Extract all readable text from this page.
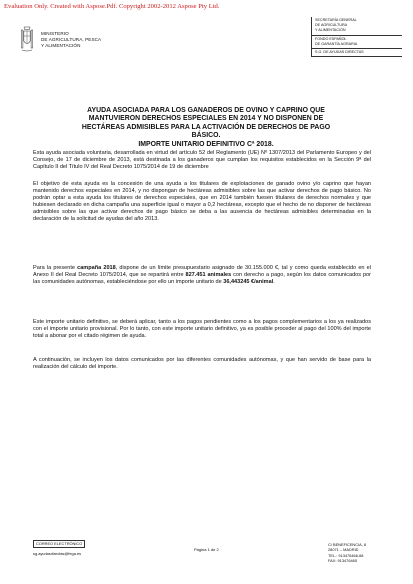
Evaluation Only. Created with Aspose.Pdf. Copyright 2002-2012 Aspose Pty Ltd.
MINISTERIO
DE AGRICULTURA, PESCA
Y ALIMENTACIÓN
SECRETARÍA GENERAL
DE AGRICULTURA
Y ALIMENTACIÓN
FONDO ESPAÑOL
DE GARANTÍA AGRARIA
S.G. DE AYUDAS DIRECTAS
AYUDA ASOCIADA PARA LOS GANADEROS DE OVINO Y CAPRINO QUE
MANTUVIERON DERECHOS ESPECIALES EN 2014 Y NO DISPONEN DE
HECTÁREAS ADMISIBLES PARA LA ACTIVACIÓN DE DERECHOS DE PAGO
BÁSICO.
IMPORTE UNITARIO DEFINITIVO Cª 2018.
Esta ayuda asociada voluntaria, desarrollada en virtud del artículo 52 del Reglamento (UE) Nº 1307/2013 del Parlamento Europeo y del Consejo, de 17 de diciembre de 2013, está destinada a los ganaderos que cumplan los requisitos establecidos en la Sección 9ª del Capítulo II del Título IV del Real Decreto 1075/2014 de 19 de diciembre
El objetivo de esta ayuda es la concesión de una ayuda a los titulares de explotaciones de ganado ovino y/o caprino que hayan mantenido derechos especiales en 2014, y no dispongan de hectáreas admisibles sobre las que activar derechos de pago básico. No podrán optar a esta ayuda los titulares de derechos especiales, que en 2014 también fuesen titulares de derechos normales y que hubiesen declarado en dicha campaña una superficie igual o mayor a 0,2 hectáreas, excepto que el hecho de no disponer de hectáreas admisibles sobre las que activar derechos de pago básico se deba a las ausencia de hectáreas admisibles determinadas en la declaración de la solicitud de ayudas del año 2013.
Para la presente campaña 2018, dispone de un límite presupuestario asignado de 30.155.000 €, tal y como queda establecido en el Anexo II del Real Decreto 1075/2014, que se repartirá entre 827.451 animales con derecho a pago, según los datos comunicados por las comunidades autónomas, estableciéndose por ello un importe unitario de 36,443245 €/animal.
Este importe unitario definitivo, se deberá aplicar, tanto a los pagos pendientes como a los pagos complementarios a los ya realizados con el importe unitario provisional. Por lo tanto, con este importe unitario definitivo, ya es posible proceder al pago del 100% del importe total a abonar por el citado régimen de ayuda.
A continuación, se incluyen los datos comunicados por las diferentes comunidades autónomas, y que han servido de base para la realización del cálculo del importe.
CORREO ELECTRÓNICO
sg.ayudasdirectas@fega.es
Página 1 de 2
C/ BENEFICENCIA, 8
28071 – MADRID
TEL.: 913476466-68
FAX: 913476465
